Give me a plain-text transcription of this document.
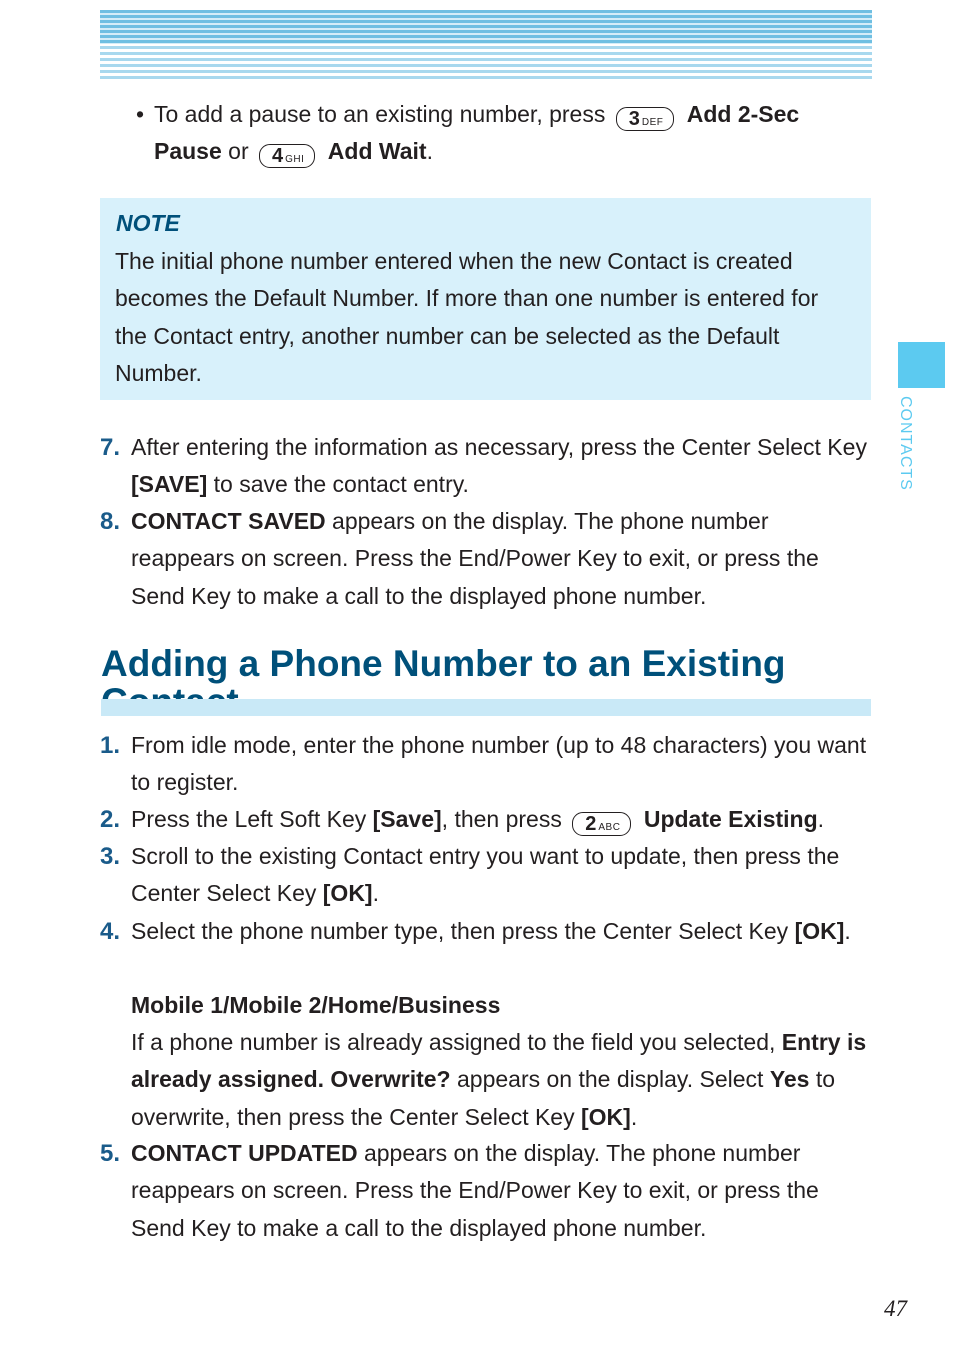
• To add a pause to an existing number, press 3 DEF Add 2-Sec
Pause or 4 GHI Add Wait.
NOTE
The initial phone number entered when the new Contact is created becomes the Default Number. If more than one number is entered for the Contact entry, another number can be selected as the Default Number.
7. After entering the information as necessary, press the Center Select Key [SAVE] to save the contact entry.
8. CONTACT SAVED appears on the display. The phone number reappears on screen. Press the End/Power Key to exit, or press the Send Key to make a call to the displayed phone number.
Adding a Phone Number to an Existing
1. From idle mode, enter the phone number (up to 48 characters) you want to register.
2. Press the Left Soft Key [Save], then press 2 ABC Update Existing.
3. Scroll to the existing Contact entry you want to update, then press the Center Select Key [OK].
4. Select the phone number type, then press the Center Select Key [OK].
Mobile 1/Mobile 2/Home/Business
If a phone number is already assigned to the field you selected, Entry is already assigned. Overwrite? appears on the display. Select Yes to overwrite, then press the Center Select Key [OK].
5. CONTACT UPDATED appears on the display. The phone number reappears on screen. Press the End/Power Key to exit, or press the Send Key to make a call to the displayed phone number.
CONTACTS
47
